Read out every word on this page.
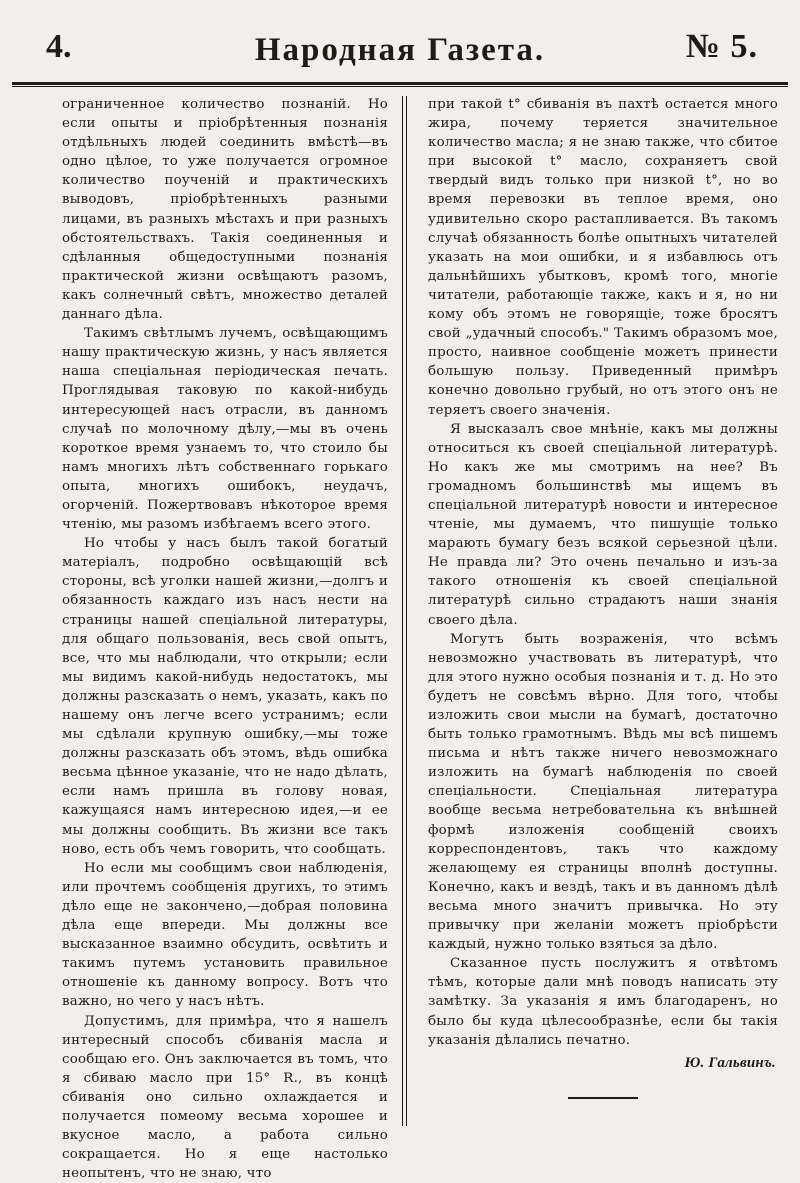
4.	Народная Газета.	№ 5.

ограниченное количество познаній. Но если опыты и пріобрѣтенныя познанія отдѣльныхъ людей соединить вмѣстѣ—въ одно цѣлое, то уже получается огромное количество поученій и практическихъ выводовъ, пріобрѣтенныхъ разными лицами, въ разныхъ мѣстахъ и при разныхъ обстоятельствахъ. Такія соединенныя и сдѣланныя общедоступными познанія практической жизни освѣщаютъ разомъ, какъ солнечный свѣтъ, множество деталей даннаго дѣла.

Такимъ свѣтлымъ лучемъ, освѣщающимъ нашу практическую жизнь, у насъ является наша спеціальная періодическая печать. Проглядывая таковую по какой-нибудь интересующей насъ отрасли, въ данномъ случаѣ по молочному дѣлу,—мы въ очень короткое время узнаемъ то, что стоило бы намъ многихъ лѣтъ собственнаго горькаго опыта, многихъ ошибокъ, неудачъ, огорченій. Пожертвовавъ нѣкоторое время чтенію, мы разомъ избѣгаемъ всего этого.

Но чтобы у насъ былъ такой богатый матеріалъ, подробно освѣщающій всѣ стороны, всѣ уголки нашей жизни,—долгъ и обязанность каждаго изъ насъ нести на страницы нашей спеціальной литературы, для общаго пользованія, весь свой опытъ, все, что мы наблюдали, что открыли; если мы видимъ какой-нибудь недостатокъ, мы должны разсказать о немъ, указать, какъ по нашему онъ легче всего устранимъ; если мы сдѣлали крупную ошибку,—мы тоже должны разсказать объ этомъ, вѣдь ошибка весьма цѣнное указаніе, что не надо дѣлать, если намъ пришла въ голову новая, кажущаяся намъ интересною идея,—и ее мы должны сообщить. Въ жизни все такъ ново, есть объ чемъ говорить, что сообщать.

Но если мы сообщимъ свои наблюденія, или прочтемъ сообщенія другихъ, то этимъ дѣло еще не закончено,—добрая половина дѣла еще впереди. Мы должны все высказанное взаимно обсудить, освѣтить и такимъ путемъ установить правильное отношеніе къ данному вопросу. Вотъ что важно, но чего у насъ нѣтъ.

Допустимъ, для примѣра, что я нашелъ интересный способъ сбиванія масла и сообщаю его. Онъ заключается въ томъ, что я сбиваю масло при 15° R., въ концѣ сбиванія оно сильно охлаждается и получается помеому весьма хорошее и вкусное масло, а работа сильно сокращается. Но я еще настолько неопытенъ, что не знаю, что

при такой t° сбиванія въ пахтѣ остается много жира, почему теряется значительное количество масла; я не знаю также, что сбитое при высокой t° масло, сохраняетъ свой твердый видъ только при низкой t°, но во время перевозки въ теплое время, оно удивительно скоро растапливается. Въ такомъ случаѣ обязанность болѣе опытныхъ читателей указать на мои ошибки, и я избавлюсь отъ дальнѣйшихъ убытковъ, кромѣ того, многіе читатели, работающіе также, какъ и я, но ни кому объ этомъ не говорящіе, тоже бросятъ свой „удачный способъ." Такимъ образомъ мое, просто, наивное сообщеніе можетъ принести большую пользу. Приведенный примѣръ конечно довольно грубый, но отъ этого онъ не теряетъ своего значенія.

Я высказалъ свое мнѣніе, какъ мы должны относиться къ своей спеціальной литературѣ. Но какъ же мы смотримъ на нее? Въ громадномъ большинствѣ мы ищемъ въ спеціальной литературѣ новости и интересное чтеніе, мы думаемъ, что пишущіе только марають бумагу безъ всякой серьезной цѣли. Не правда ли? Это очень печально и изъ-за такого отношенія къ своей спеціальной литературѣ сильно страдаютъ наши знанія своего дѣла.

Могутъ быть возраженія, что всѣмъ невозможно участвовать въ литературѣ, что для этого нужно особыя познанія и т. д. Но это будетъ не совсѣмъ вѣрно. Для того, чтобы изложить свои мысли на бумагѣ, достаточно быть только грамотнымъ. Вѣдь мы всѣ пишемъ письма и нѣтъ также ничего невозможнаго изложить на бумагѣ наблюденія по своей спеціальности. Спеціальная литература вообще весьма нетребовательна къ внѣшней формѣ изложенія сообщеній своихъ корреспондентовъ, такъ что каждому желающему ея страницы вполнѣ доступны. Конечно, какъ и вездѣ, такъ и въ данномъ дѣлѣ весьма много значитъ привычка. Но эту привычку при желаніи можетъ пріобрѣсти каждый, нужно только взяться за дѣло.

Сказанное пусть послужитъ я отвѣтомъ тѣмъ, которые дали мнѣ поводъ написать эту замѣтку. За указанія я имъ благодаренъ, но было бы куда цѣлесообразнѣе, если бы такія указанія дѣлались печатно.

Ю. Гальвинъ.
